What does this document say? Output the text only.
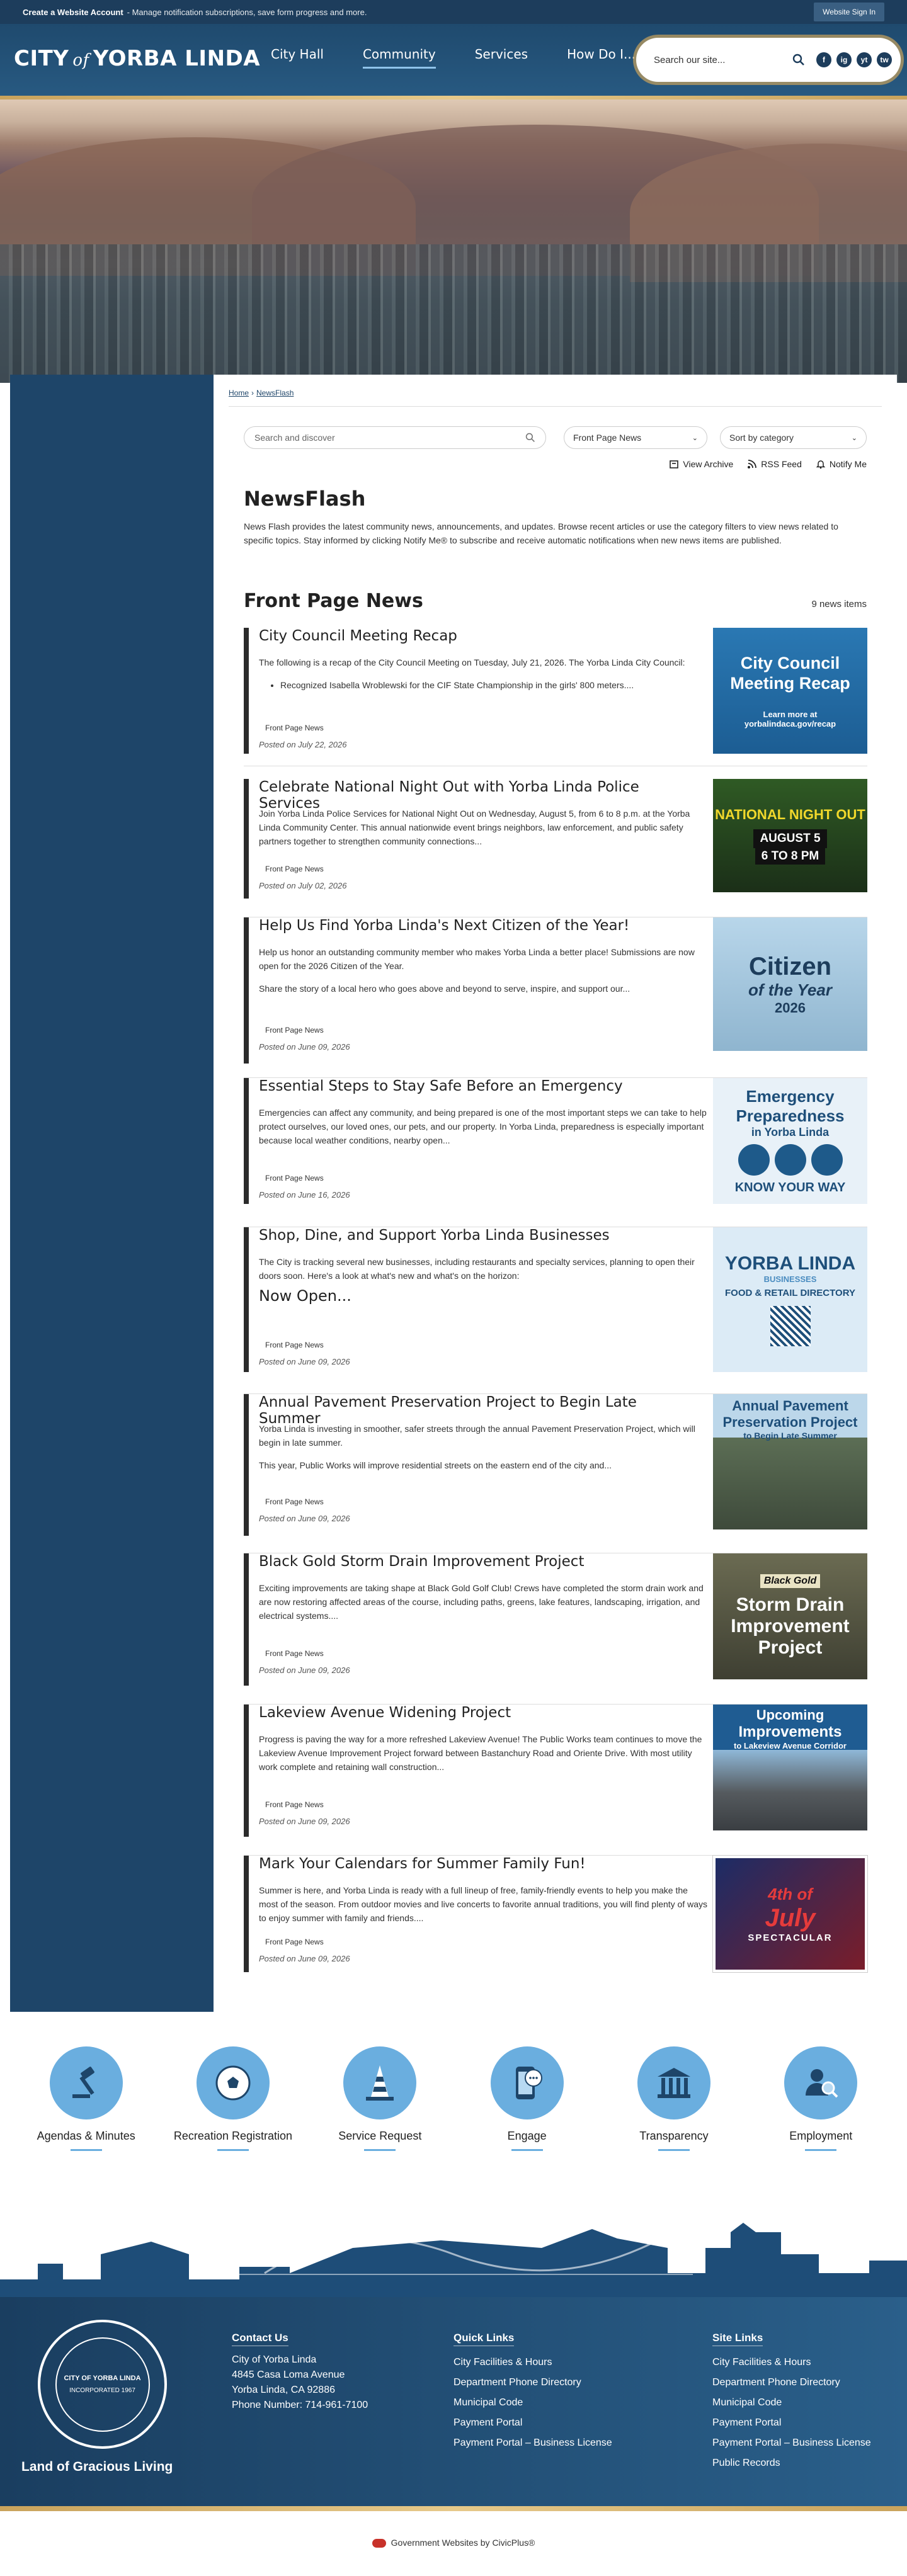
Create a Website Account - Manage notification subscriptions, save form progress and more.	Website Sign In
CITY of YORBA LINDA City Hall	Community	Services	How Do I... Search our site...	f	ig	yt	tw
Home › NewsFlash
Search and discover	Front Page News	⌄	Sort by category	⌄
View Archive	RSS Feed	Notify Me
NewsFlash

News Flash provides the latest community news, announcements, and updates. Browse recent articles or use the category filters to view news related to specific topics. Stay informed by clicking Notify Me® to subscribe and receive automatic notifications when new news items are published.

Front Page News	9 news items
City Council Meeting Recap

The following is a recap of the City Council Meeting on Tuesday, July 21, 2026. The Yorba Linda City Council:

• Recognized Isabella Wroblewski for the CIF State Championship in the girls' 800 meters....
Front Page News
Posted on July 22, 2026
City Council
Meeting Recap
Learn more at
yorbalindaca.gov/recap
Celebrate National Night Out with Yorba Linda Police Services

Join Yorba Linda Police Services for National Night Out on Wednesday, August 5, from 6 to 8 p.m. at the Yorba Linda Community Center. This annual nationwide event brings neighbors, law enforcement, and public safety partners together to strengthen community connections...

Front Page News
Posted on July 02, 2026
NATIONAL NIGHT OUT
AUGUST 5
6 TO 8 PM
Help Us Find Yorba Linda's Next Citizen of the Year!

Help us honor an outstanding community member who makes Yorba Linda a better place! Submissions are now open for the 2026 Citizen of the Year.

Share the story of a local hero who goes above and beyond to serve, inspire, and support our...

Front Page News
Posted on June 09, 2026
Citizen
of the Year
2026
Essential Steps to Stay Safe Before an Emergency

Emergencies can affect any community, and being prepared is one of the most important steps we can take to help protect ourselves, our loved ones, our pets, and our property. In Yorba Linda, preparedness is especially important because local weather conditions, nearby open...

Front Page News
Posted on June 16, 2026
Emergency
Preparedness
in Yorba Linda
KNOW YOUR WAY
Shop, Dine, and Support Yorba Linda Businesses

The City is tracking several new businesses, including restaurants and specialty services, planning to open their doors soon. Here's a look at what's new and what's on the horizon:

Now Open...
Front Page News
Posted on June 09, 2026
YORBA LINDA
BUSINESSES
FOOD & RETAIL DIRECTORY
Annual Pavement Preservation Project to Begin Late Summer

Yorba Linda is investing in smoother, safer streets through the annual Pavement Preservation Project, which will begin in late summer.

This year, Public Works will improve residential streets on the eastern end of the city and...

Front Page News
Posted on June 09, 2026
Annual Pavement
Preservation Project
to Begin Late Summer
Black Gold Storm Drain Improvement Project

Exciting improvements are taking shape at Black Gold Golf Club! Crews have completed the storm drain work and are now restoring affected areas of the course, including paths, greens, lake features, landscaping, irrigation, and electrical systems....

Front Page News
Posted on June 09, 2026
Black Gold
Storm Drain
Improvement
Project
Lakeview Avenue Widening Project

Progress is paving the way for a more refreshed Lakeview Avenue! The Public Works team continues to move the Lakeview Avenue Improvement Project forward between Bastanchury Road and Oriente Drive. With most utility work complete and retaining wall construction...

Front Page News
Posted on June 09, 2026
Upcoming
Improvements
to Lakeview Avenue Corridor
Mark Your Calendars for Summer Family Fun!

Summer is here, and Yorba Linda is ready with a full lineup of free, family-friendly events to help you make the most of the season. From outdoor movies and live concerts to favorite annual traditions, you will find plenty of ways to enjoy summer with family and friends....

Front Page News
Posted on June 09, 2026
4th of
July
SPECTACULAR
Agendas & Minutes	Recreation Registration	Service Request	Engage	Transparency	Employment
CITY OF YORBA LINDA
INCORPORATED 1967
Land of Gracious Living
Contact Us
City of Yorba Linda
4845 Casa Loma Avenue
Yorba Linda, CA 92886
Phone Number: 714-961-7100
Quick Links
City Facilities & Hours
Department Phone Directory
Municipal Code
Payment Portal
Payment Portal – Business License
Site Links
City Facilities & Hours
Department Phone Directory
Municipal Code
Payment Portal
Payment Portal – Business License
Public Records
Government Websites by CivicPlus®
